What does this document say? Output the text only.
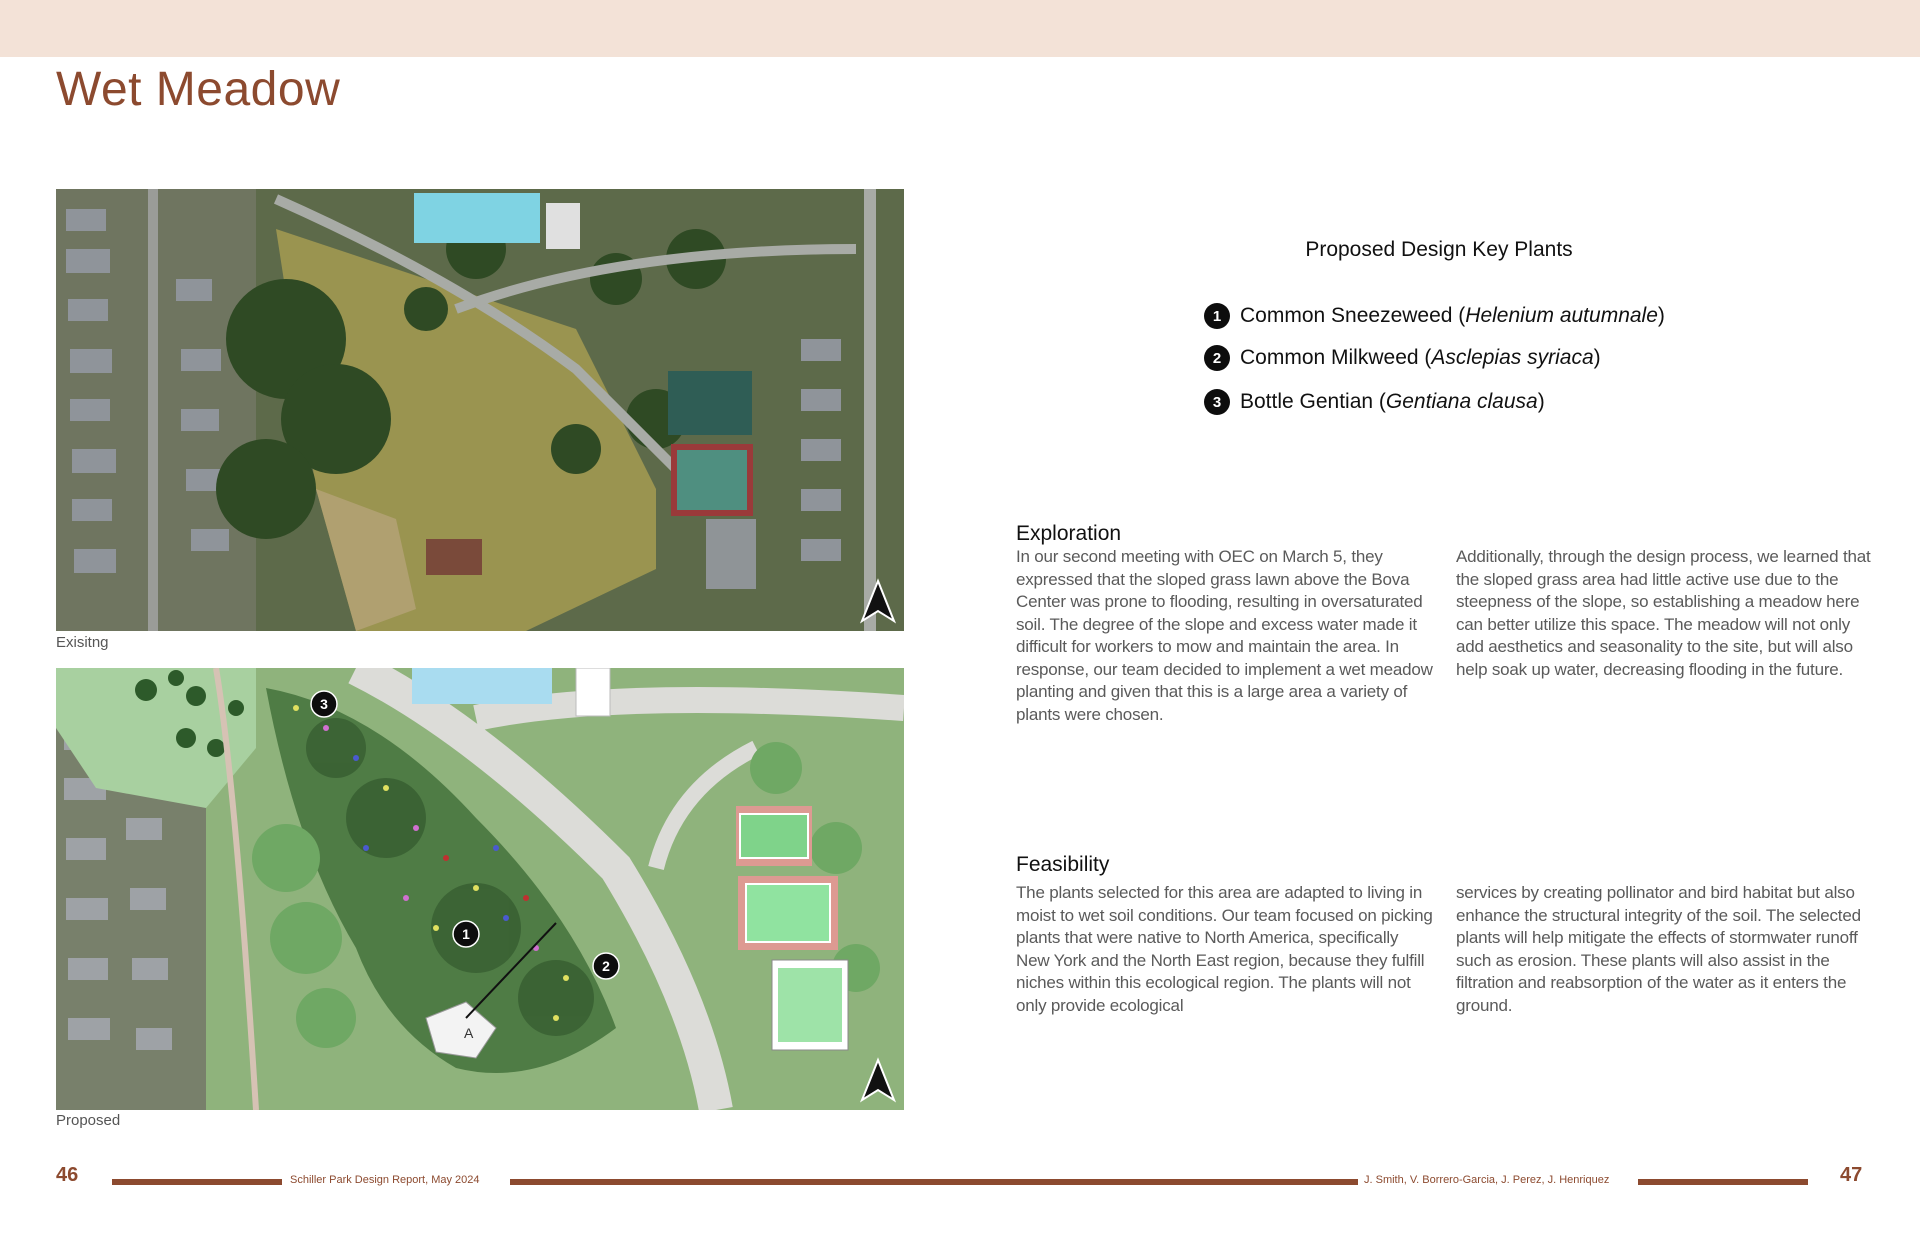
Wet Meadow
Exisitng
A
3
1
2
Proposed
Proposed Design Key Plants
1 Common Sneezeweed ( Helenium autumnale )
2 Common Milkweed ( Asclepias syriaca )
3 Bottle Gentian ( Gentiana clausa )
Exploration

In our second meeting with OEC on March 5, they expressed that the sloped grass lawn above the Bova Center was prone to flooding, resulting in oversaturated soil. The degree of the slope and excess water made it difficult for workers to mow and maintain the area. In response, our team decided to implement a wet meadow planting and given that this is a large area a variety of plants were chosen.

Additionally, through the design process, we learned that the sloped grass area had little active use due to the steepness of the slope, so establishing a meadow here can better utilize this space. The meadow will not only add aesthetics and seasonality to the site, but will also help soak up water, decreasing flooding in the future.

Feasibility

The plants selected for this area are adapted to living in moist to wet soil conditions. Our team focused on picking plants that were native to North America, specifically New York and the North East region, because they fulfill niches within this ecological region. The plants will not only provide ecological

services by creating pollinator and bird habitat but also enhance the structural integrity of the soil. The selected plants will help mitigate the effects of stormwater runoff such as erosion. These plants will also assist in the filtration and reabsorption of the water as it enters the ground.

46	Schiller Park Design Report, May 2024	J. Smith, V. Borrero-Garcia, J. Perez, J. Henriquez	47
